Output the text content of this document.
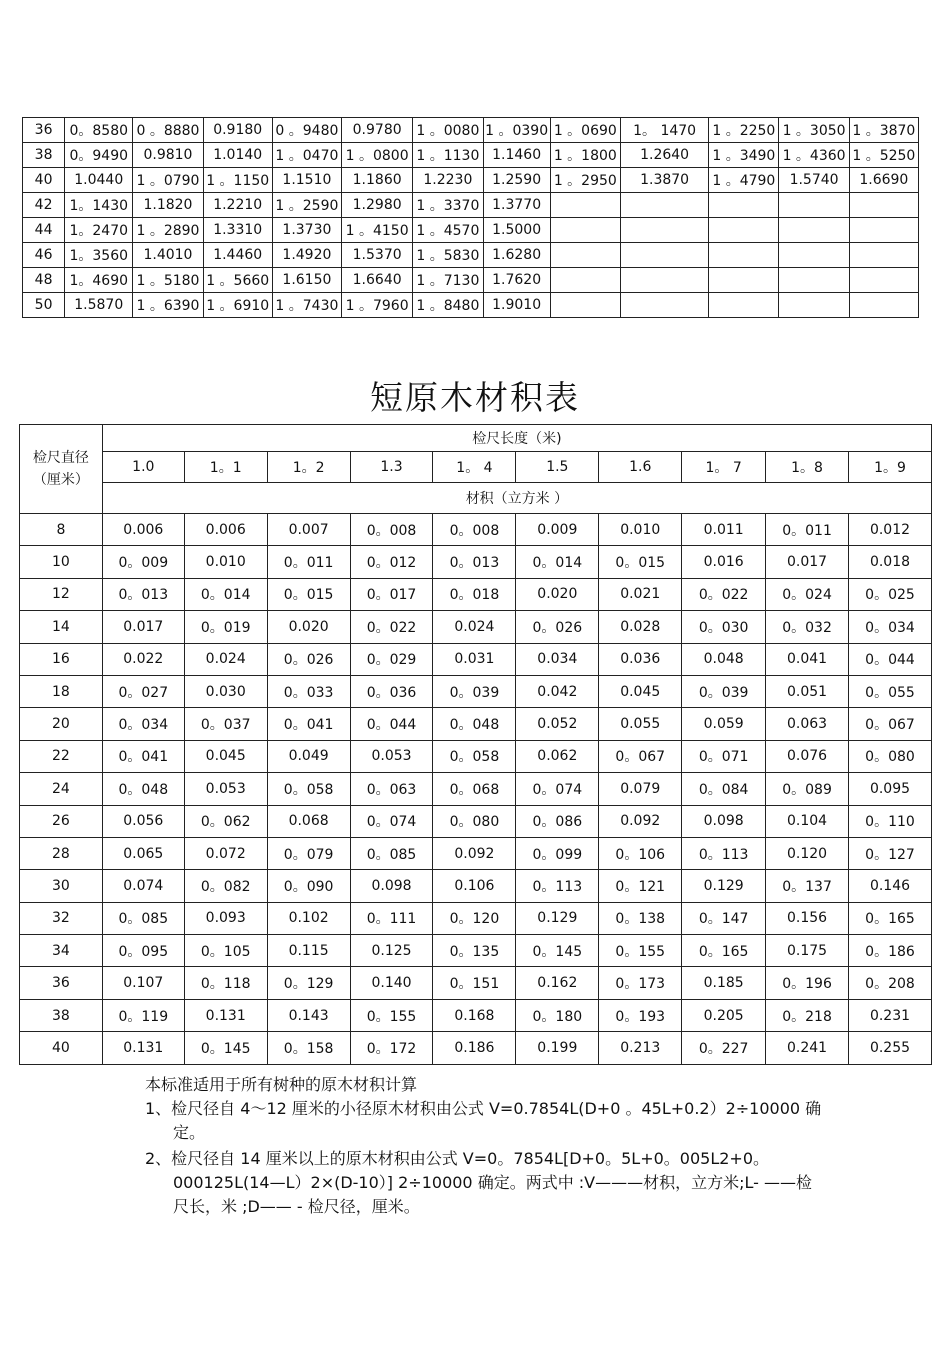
36	0。8580	0 。8880	0.9180	0 。9480	0.9780	1 。0080	1 。0390	1 。0690	1。 1470	1 。2250	1 。3050	1 。3870
38	0。9490	0.9810	1.0140	1 。0470	1 。0800	1 。1130	1.1460	1 。1800	1.2640	1 。3490	1 。4360	1 。5250
40	1.0440	1 。0790	1 。1150	1.1510	1.1860	1.2230	1.2590	1 。2950	1.3870	1 。4790	1.5740	1.6690
42	1。1430	1.1820	1.2210	1 。2590	1.2980	1 。3370	1.3770					
44	1。2470	1 。2890	1.3310	1.3730	1 。4150	1 。4570	1.5000					
46	1。3560	1.4010	1.4460	1.4920	1.5370	1 。5830	1.6280					
48	1。4690	1 。5180	1 。5660	1.6150	1.6640	1 。7130	1.7620					
50	1.5870	1 。6390	1 。6910	1 。7430	1 。7960	1 。8480	1.9010					
短原木材积表
检尺直径（厘米）	检尺长度（米)									
	1.0	1。1	1。2	1.3	1。 4	1.5	1.6	1。 7	1。8	1。9
	材积（立方米 ）									
8	0.006	0.006	0.007	0。008	0。008	0.009	0.010	0.011	0。011	0.012
10	0。009	0.010	0。011	0。012	0。013	0。014	0。015	0.016	0.017	0.018
12	0。013	0。014	0。015	0。017	0。018	0.020	0.021	0。022	0。024	0。025
14	0.017	0。019	0.020	0。022	0.024	0。026	0.028	0。030	0。032	0。034
16	0.022	0.024	0。026	0。029	0.031	0.034	0.036	0.048	0.041	0。044
18	0。027	0.030	0。033	0。036	0。039	0.042	0.045	0。039	0.051	0。055
20	0。034	0。037	0。041	0。044	0。048	0.052	0.055	0.059	0.063	0。067
22	0。041	0.045	0.049	0.053	0。058	0.062	0。067	0。071	0.076	0。080
24	0。048	0.053	0。058	0。063	0。068	0。074	0.079	0。084	0。089	0.095
26	0.056	0。062	0.068	0。074	0。080	0。086	0.092	0.098	0.104	0。110
28	0.065	0.072	0。079	0。085	0.092	0。099	0。106	0。113	0.120	0。127
30	0.074	0。082	0。090	0.098	0.106	0。113	0。121	0.129	0。137	0.146
32	0。085	0.093	0.102	0。111	0。120	0.129	0。138	0。147	0.156	0。165
34	0。095	0。105	0.115	0.125	0。135	0。145	0。155	0。165	0.175	0。186
36	0.107	0。118	0。129	0.140	0。151	0.162	0。173	0.185	0。196	0。208
38	0。119	0.131	0.143	0。155	0.168	0。180	0。193	0.205	0。218	0.231
40	0.131	0。145	0。158	0。172	0.186	0.199	0.213	0。227	0.241	0.255

本标准适用于所有树种的原木材积计算

1、检尺径自 4～12 厘米的小径原木材积由公式 V=0.7854L(D+0 。45L+0.2）2÷10000 确定。

2、检尺径自 14 厘米以上的原木材积由公式 V=0。7854L[D+0。5L+0。005L2+0。000125L(14—L）2×(D-10）] 2÷10000 确定。两式中 :V———材积，立方米;L- ——检尺长，米 ;D—— - 检尺径，厘米。
